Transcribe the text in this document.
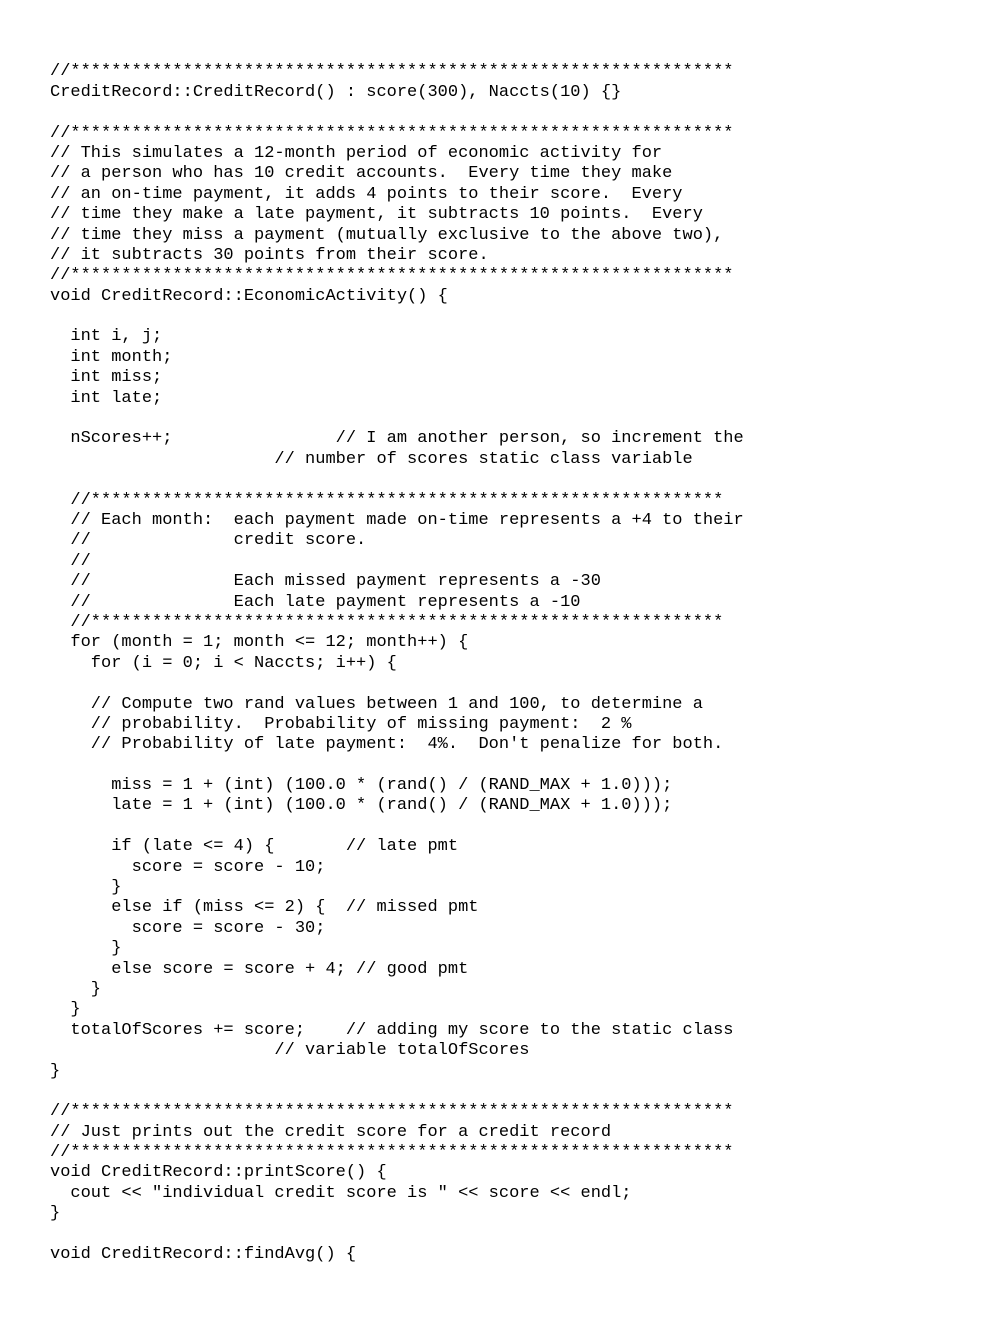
//*****************************************************************
CreditRecord::CreditRecord() : score(300), Naccts(10) {}
//*****************************************************************
// This simulates a 12-month period of economic activity for
// a person who has 10 credit accounts.  Every time they make
// an on-time payment, it adds 4 points to their score.  Every
// time they make a late payment, it subtracts 10 points.  Every
// time they miss a payment (mutually exclusive to the above two),
// it subtracts 30 points from their score.
//*****************************************************************
void CreditRecord::EconomicActivity() {
int i, j;
int month;
int miss;
int late;
nScores++;                // I am another person, so increment the
// number of scores static class variable
//**************************************************************
// Each month:  each payment made on-time represents a +4 to their
//              credit score.
//
//              Each missed payment represents a -30
//              Each late payment represents a -10
//**************************************************************
for (month = 1; month <= 12; month++) {
for (i = 0; i < Naccts; i++) {
// Compute two rand values between 1 and 100, to determine a
// probability.  Probability of missing payment:  2 %
// Probability of late payment:  4%.  Don't penalize for both.
miss = 1 + (int) (100.0 * (rand() / (RAND_MAX + 1.0)));
late = 1 + (int) (100.0 * (rand() / (RAND_MAX + 1.0)));
if (late <= 4) {       // late pmt
score = score - 10;
}
else if (miss <= 2) {  // missed pmt
score = score - 30;
}
else score = score + 4; // good pmt
}
}
totalOfScores += score;    // adding my score to the static class
// variable totalOfScores
}
//*****************************************************************
// Just prints out the credit score for a credit record
//*****************************************************************
void CreditRecord::printScore() {
cout << "individual credit score is " << score << endl;
}
void CreditRecord::findAvg() {
